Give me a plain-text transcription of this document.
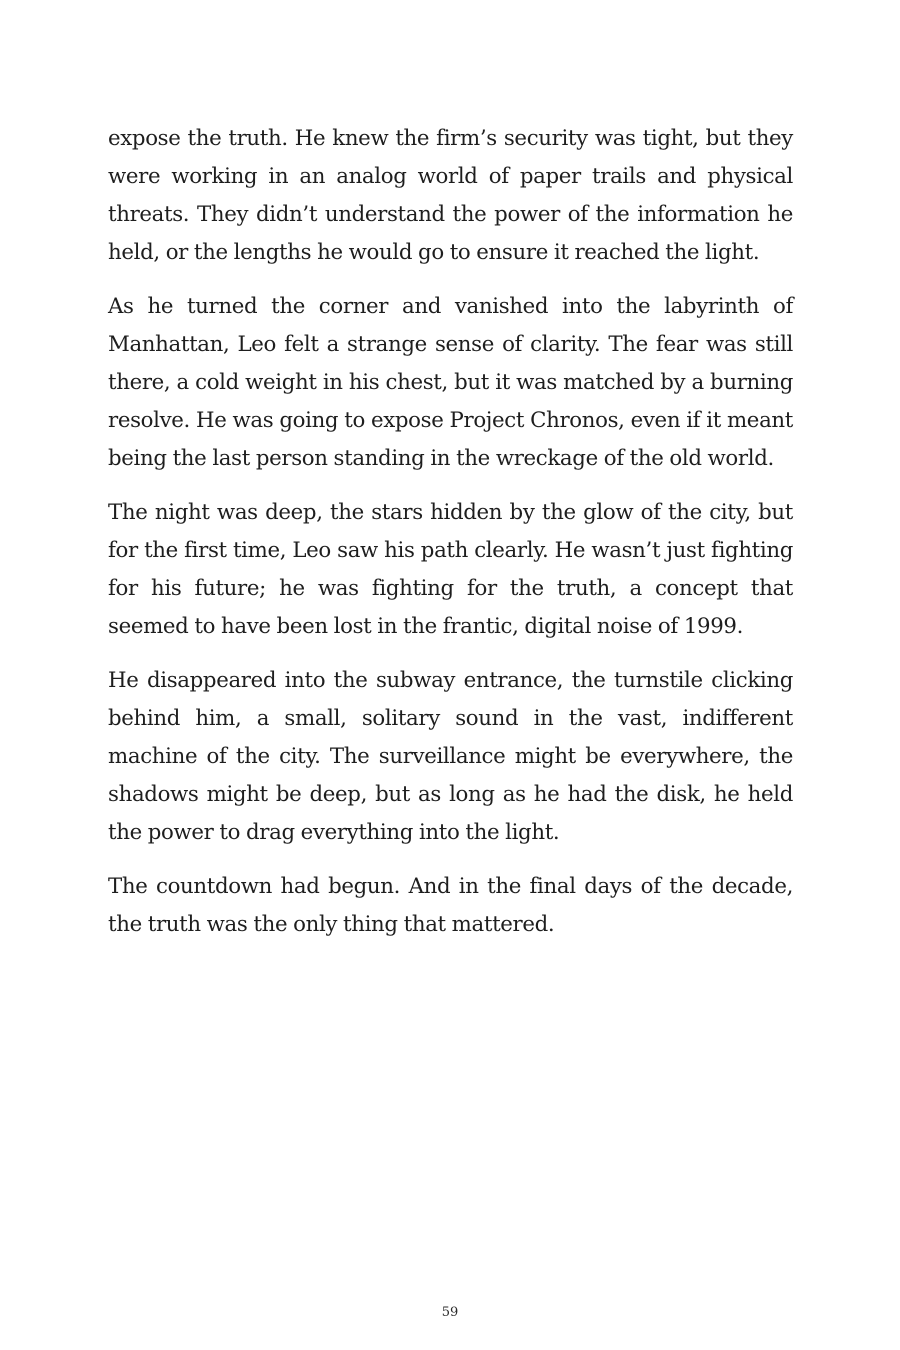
expose the truth. He knew the firm’s security was tight, but they were working in an analog world of paper trails and physical threats. They didn’t understand the power of the information he held, or the lengths he would go to ensure it reached the light.

As he turned the corner and vanished into the labyrinth of Manhattan, Leo felt a strange sense of clarity. The fear was still there, a cold weight in his chest, but it was matched by a burning resolve. He was going to expose Project Chronos, even if it meant being the last person standing in the wreckage of the old world.

The night was deep, the stars hidden by the glow of the city, but for the first time, Leo saw his path clearly. He wasn’t just fighting for his future; he was fighting for the truth, a concept that seemed to have been lost in the frantic, digital noise of 1999.

He disappeared into the subway entrance, the turnstile clicking behind him, a small, solitary sound in the vast, indifferent machine of the city. The surveillance might be everywhere, the shadows might be deep, but as long as he had the disk, he held the power to drag everything into the light.

The countdown had begun. And in the final days of the decade, the truth was the only thing that mattered.

59
